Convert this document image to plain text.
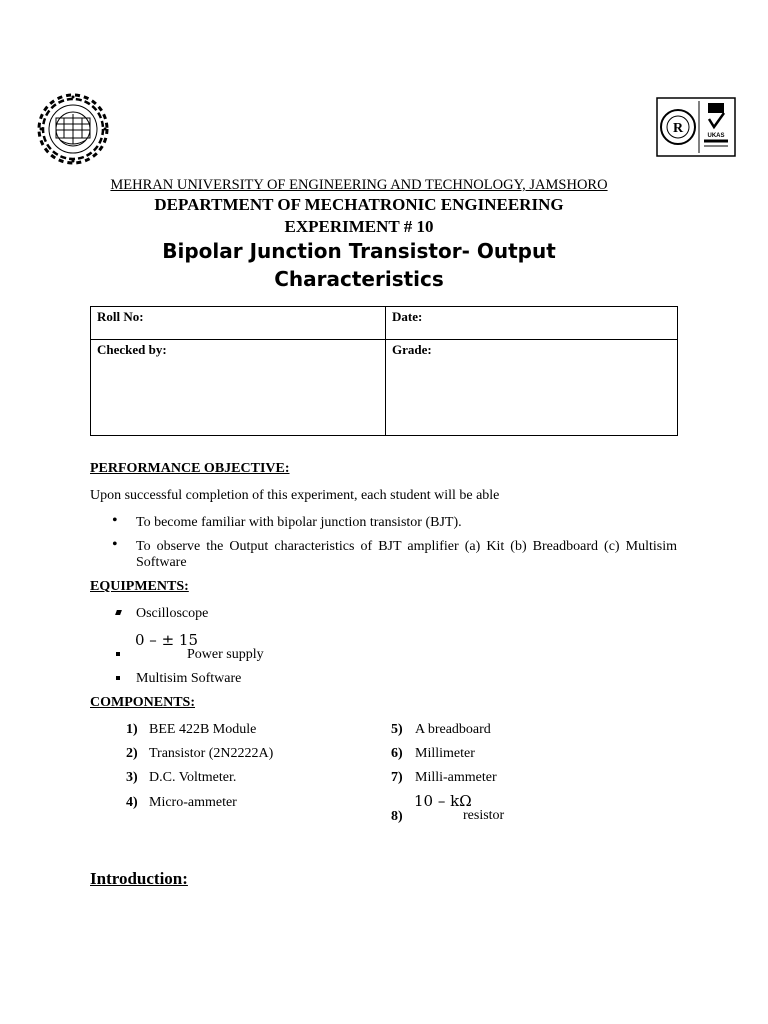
R	UKAS
MEHRAN UNIVERSITY OF ENGINEERING AND TECHNOLOGY, JAMSHORO
DEPARTMENT OF MECHATRONIC ENGINEERING
EXPERIMENT # 10
Bipolar Junction Transistor- Output
Characteristics
Roll No:	Date:
Checked by:	Grade:
PERFORMANCE OBJECTIVE:
Upon successful completion of this experiment, each student will be able
• To become familiar with bipolar junction transistor (BJT).
• To observe the Output characteristics of BJT amplifier (a) Kit (b) Breadboard (c) Multisim
Software
EQUIPMENTS:
Oscilloscope
0 – ± 15
Power supply
Multisim Software
COMPONENTS:
1) BEE 422B Module
2) Transistor (2N2222A)
3) D.C. Voltmeter.
4) Micro-ammeter
5) A breadboard
6) Millimeter
7) Milli-ammeter
10 – kΩ
8)	resistor
Introduction:
